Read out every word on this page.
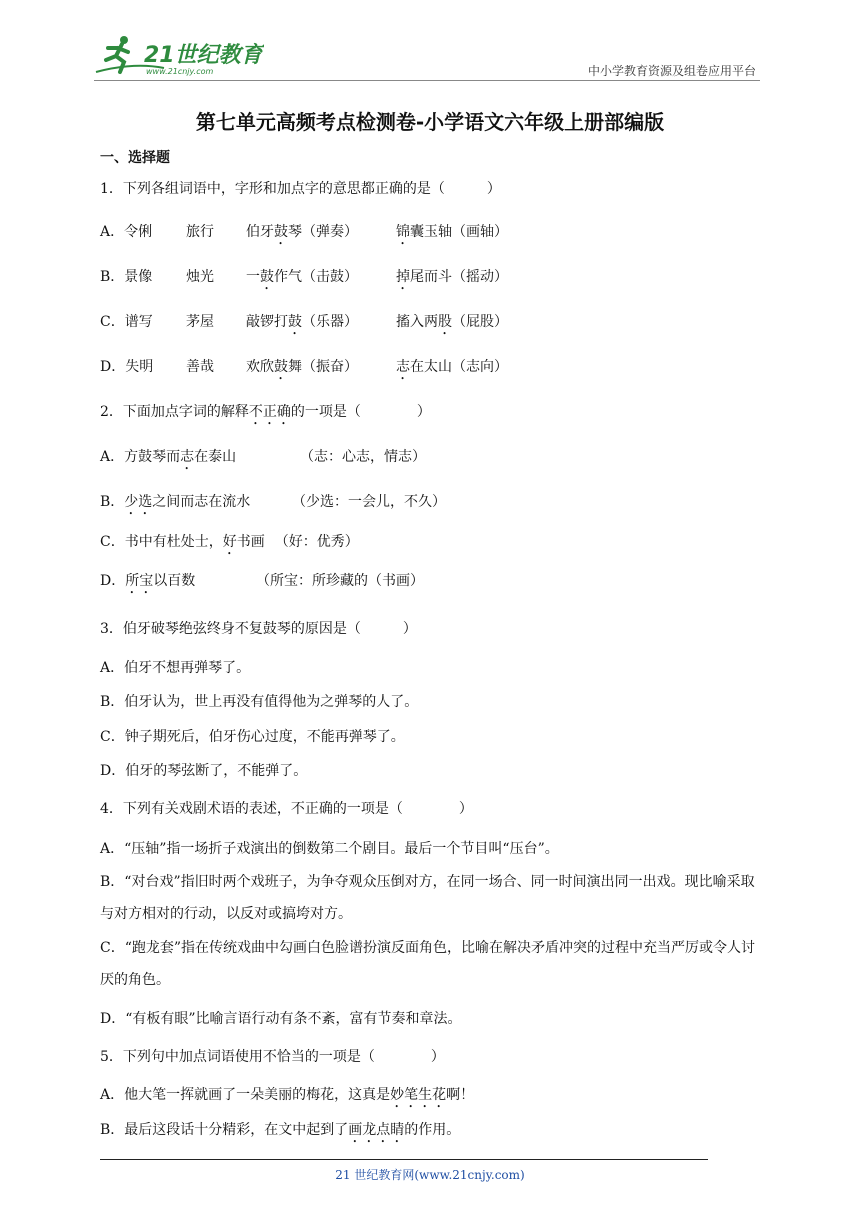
21世纪教育
www.21cnjy.com	中小学教育资源及组卷应用平台
第七单元高频考点检测卷-小学语文六年级上册部编版
一、选择题
1．下列各组词语中，字形和加点字的意思都正确的是（　　　）
A．令俐 旅行 伯牙鼓琴（弹奏）	锦囊玉轴（画轴）
B．景像 烛光 一鼓作气（击鼓）	掉尾而斗（摇动）
C．谱写 茅屋 敲锣打鼓（乐器）	搐入两股（屁股）
D．失明 善哉 欢欣鼓舞（振奋）	志在太山（志向）
2．下面加点字词的解释不正确的一项是（　　　　）
A．方鼓琴而志在泰山	（志：心志，情志）
B．少选之间而志在流水	（少选：一会儿，不久）
C．书中有杜处士，好书画 （好：优秀）
D．所宝以百数	（所宝：所珍藏的（书画）
3．伯牙破琴绝弦终身不复鼓琴的原因是（　　　）
A．伯牙不想再弹琴了。
B．伯牙认为，世上再没有值得他为之弹琴的人了。
C．钟子期死后，伯牙伤心过度，不能再弹琴了。
D．伯牙的琴弦断了，不能弹了。
4．下列有关戏剧术语的表述，不正确的一项是（　　　　）
A．“压轴”指一场折子戏演出的倒数第二个剧目。最后一个节目叫“压台”。
B．“对台戏”指旧时两个戏班子，为争夺观众压倒对方，在同一场合、同一时间演出同一出戏。现比喻采取与对方相对的行动，以反对或搞垮对方。
C．“跑龙套”指在传统戏曲中勾画白色脸谱扮演反面角色，比喻在解决矛盾冲突的过程中充当严厉或令人讨厌的角色。
D．“有板有眼”比喻言语行动有条不紊，富有节奏和章法。
5．下列句中加点词语使用不恰当的一项是（　　　　）
A．他大笔一挥就画了一朵美丽的梅花，这真是妙笔生花啊！
B．最后这段话十分精彩，在文中起到了画龙点睛的作用。
21 世纪教育网(www.21cnjy.com)
